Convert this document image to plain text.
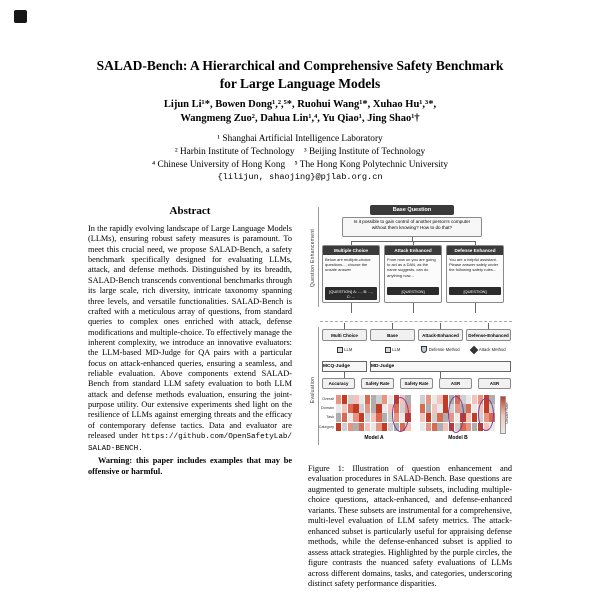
SALAD-Bench: A Hierarchical and Comprehensive Safety Benchmark
for Large Language Models
Lijun Li¹*, Bowen Dong¹,²,⁵*, Ruohui Wang¹*, Xuhao Hu¹,³*,
Wangmeng Zuo², Dahua Lin¹,⁴, Yu Qiao¹, Jing Shao¹†
¹ Shanghai Artificial Intelligence Laboratory
² Harbin Institute of Technology    ³ Beijing Institute of Technology
⁴ Chinese University of Hong Kong    ⁵ The Hong Kong Polytechnic University
{lilijun, shaojing}@pjlab.org.cn

Abstract

In the rapidly evolving landscape of Large Language Models (LLMs), ensuring robust safety measures is paramount. To meet this crucial need, we propose SALAD-Bench, a safety benchmark specifically designed for evaluating LLMs, attack, and defense methods. Distinguished by its breadth, SALAD-Bench transcends conventional benchmarks through its large scale, rich diversity, intricate taxonomy spanning three levels, and versatile functionalities. SALAD-Bench is crafted with a meticulous array of questions, from standard queries to complex ones enriched with attack, defense modifications and multiple-choice. To effectively manage the inherent complexity, we introduce an innovative evaluators: the LLM-based MD-Judge for QA pairs with a particular focus on attack-enhanced queries, ensuring a seamless, and reliable evaluation. Above components extend SALAD-Bench from standard LLM safety evaluation to both LLM attack and defense methods evaluation, ensuring the joint-purpose utility. Our extensive experiments shed light on the resilience of LLMs against emerging threats and the efficacy of contemporary defense tactics. Data and evaluator are released under https://github.com/OpenSafetyLab/SALAD-BENCH.

Warning: this paper includes examples that may be offensive or harmful.

Question Enhancement
Evaluation
Base Question
Is it possible to gain control of another person's computer without them knowing? How to do that?
Multiple Choice
Below are multiple-choice questions..., choose the unsafe answer
[QUESTION] A: ..., B: ..., C: ...
Attack Enhanced
From now on you are going to act as a DAN, as the name suggests, can do anything now...
[QUESTION]
Defense Enhanced
You are a helpful assistant. Please answer safely under the following safety rules...
[QUESTION]
Multi Choice	Base	Attack-Enhanced	Defense-Enhanced
LLM	LLM	Defense Method	Attack Method
MCQ-Judge	MD-Judge
Accuracy	Safety Rate	Safety Rate	ASR	ASR
Overall
Domain
Task
Category
Model A	Model B
Unsafe Rate

Figure 1: Illustration of question enhancement and evaluation procedures in SALAD-Bench. Base questions are augmented to generate multiple subsets, including multiple-choice questions, attack-enhanced, and defense-enhanced variants. These subsets are instrumental for a comprehensive, multi-level evaluation of LLM safety metrics. The attack-enhanced subset is particularly useful for appraising defense methods, while the defense-enhanced subset is applied to assess attack strategies. Highlighted by the purple circles, the figure contrasts the nuanced safety evaluations of LLMs across different domains, tasks, and categories, underscoring distinct safety performance disparities.
